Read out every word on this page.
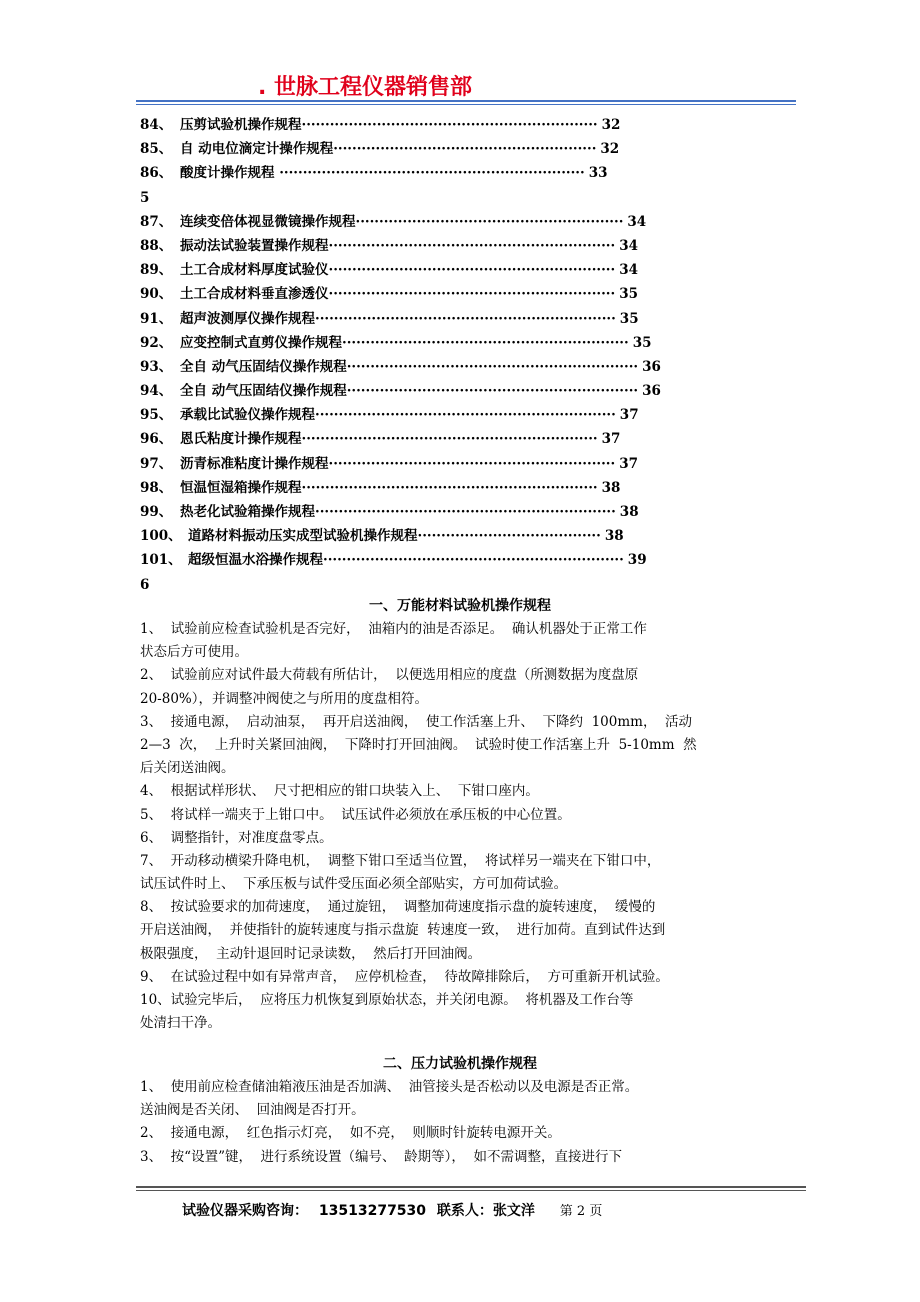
. 世脉工程仪器销售部
84、 压剪试验机操作规程······························································· 32
85、 自 动电位滴定计操作规程························································ 32
86、 酸度计操作规程 ································································· 33
5
87、 连续变倍体视显微镜操作规程························································· 34
88、 振动法试验装置操作规程····························································· 34
89、 土工合成材料厚度试验仪····························································· 34
90、 土工合成材料垂直渗透仪····························································· 35
91、 超声波测厚仪操作规程································································ 35
92、 应变控制式直剪仪操作规程····························································· 35
93、 全自 动气压固结仪操作规程······························································ 36
94、 全自 动气压固结仪操作规程······························································ 36
95、 承载比试验仪操作规程································································ 37
96、 恩氏粘度计操作规程······························································· 37
97、 沥青标准粘度计操作规程····························································· 37
98、 恒温恒湿箱操作规程······························································· 38
99、 热老化试验箱操作规程································································ 38
100、 道路材料振动压实成型试验机操作规程······································· 38
101、 超级恒温水浴操作规程································································ 39
6
一、万能材料试验机操作规程
1、  试验前应检查试验机是否完好，  油箱内的油是否添足。  确认机器处于正常工作
状态后方可使用。
2、  试验前应对试件最大荷载有所估计，  以便选用相应的度盘（所测数据为度盘原
20-80%），并调整冲阀使之与所用的度盘相符。
3、  接通电源，  启动油泵，  再开启送油阀，  使工作活塞上升、  下降约  100mm，  活动
2—3  次，  上升时关紧回油阀，  下降时打开回油阀。  试验时使工作活塞上升  5-10mm  然
后关闭送油阀。
4、  根据试样形状、  尺寸把相应的钳口块装入上、  下钳口座内。
5、  将试样一端夹于上钳口中。  试压试件必须放在承压板的中心位置。
6、  调整指针，对准度盘零点。
7、  开动移动横梁升降电机，  调整下钳口至适当位置，  将试样另一端夹在下钳口中，
试压试件时上、  下承压板与试件受压面必须全部贴实，方可加荷试验。
8、  按试验要求的加荷速度，  通过旋钮，  调整加荷速度指示盘的旋转速度，  缓慢的
开启送油阀，  并使指针的旋转速度与指示盘旋  转速度一致，  进行加荷。直到试件达到
极限强度，  主动针退回时记录读数，  然后打开回油阀。
9、  在试验过程中如有异常声音，  应停机检查，  待故障排除后，  方可重新开机试验。
10、试验完毕后，  应将压力机恢复到原始状态，并关闭电源。  将机器及工作台等
处清扫干净。
二、压力试验机操作规程
1、  使用前应检查储油箱液压油是否加满、  油管接头是否松动以及电源是否正常。
送油阀是否关闭、  回油阀是否打开。
2、  接通电源，  红色指示灯亮，  如不亮，  则顺时针旋转电源开关。
3、  按“设置”键，  进行系统设置（编号、  龄期等），  如不需调整，直接进行下
试验仪器采购咨询： 13513277530 联系人：张文洋 第 2 页
